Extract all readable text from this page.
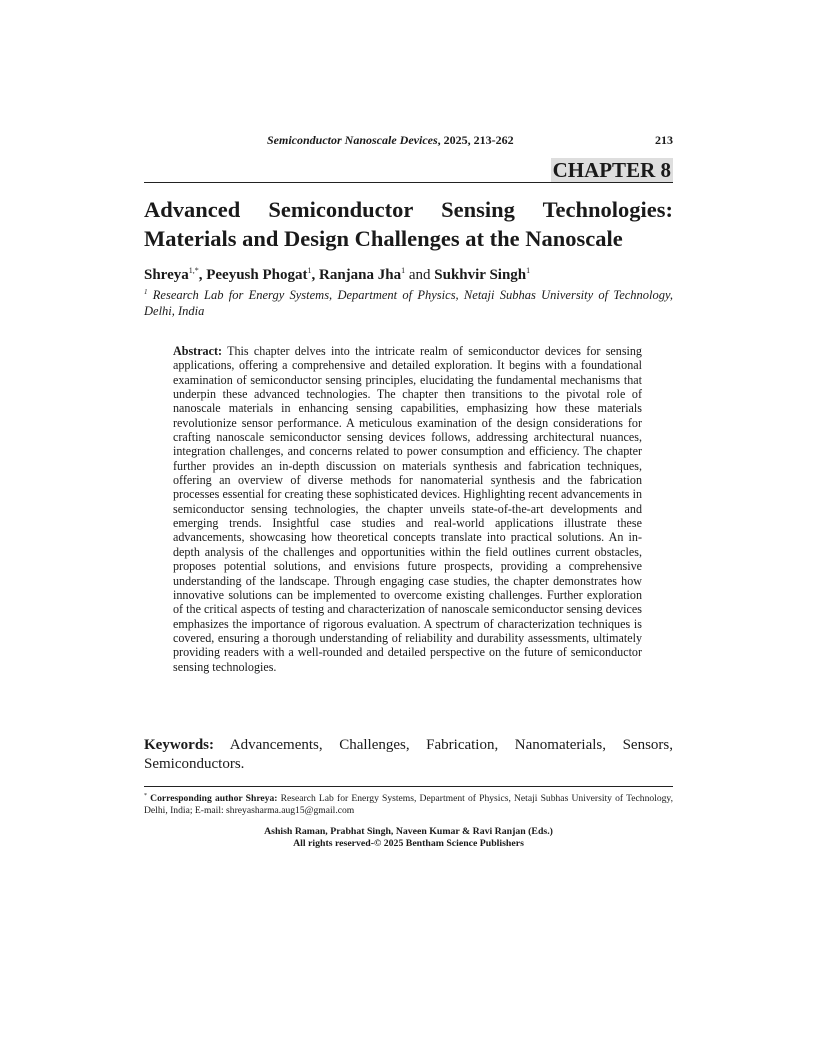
Semiconductor Nanoscale Devices, 2025, 213-262	213
CHAPTER 8
Advanced Semiconductor Sensing Technologies:
Materials and Design Challenges at the Nanoscale
Shreya$^{1,*}$, Peeyush Phogat$^1$, Ranjana Jha$^1$ and Sukhvir Singh$^1$
$^1$ Research Lab for Energy Systems, Department of Physics, Netaji Subhas University of Technology, Delhi, India

Abstract: This chapter delves into the intricate realm of semiconductor devices for sensing applications, offering a comprehensive and detailed exploration. It begins with a foundational examination of semiconductor sensing principles, elucidating the fundamental mechanisms that underpin these advanced technologies. The chapter then transitions to the pivotal role of nanoscale materials in enhancing sensing capabilities, emphasizing how these materials revolutionize sensor performance. A meticulous examination of the design considerations for crafting nanoscale semiconductor sensing devices follows, addressing architectural nuances, integration challenges, and concerns related to power consumption and efficiency. The chapter further provides an in-depth discussion on materials synthesis and fabrication techniques, offering an overview of diverse methods for nanomaterial synthesis and the fabrication processes essential for creating these sophisticated devices. Highlighting recent advancements in semiconductor sensing technologies, the chapter unveils state-of-the-art developments and emerging trends. Insightful case studies and real-world applications illustrate these advancements, showcasing how theoretical concepts translate into practical solutions. An in-depth analysis of the challenges and opportunities within the field outlines current obstacles, proposes potential solutions, and envisions future prospects, providing a comprehensive understanding of the landscape. Through engaging case studies, the chapter demonstrates how innovative solutions can be implemented to overcome existing challenges. Further exploration of the critical aspects of testing and characterization of nanoscale semiconductor sensing devices emphasizes the importance of rigorous evaluation. A spectrum of characterization techniques is covered, ensuring a thorough understanding of reliability and durability assessments, ultimately providing readers with a well-rounded and detailed perspective on the future of semiconductor sensing technologies.

Keywords: Advancements, Challenges, Fabrication, Nanomaterials, Sensors, Semiconductors.

* Corresponding author Shreya: Research Lab for Energy Systems, Department of Physics, Netaji Subhas University of Technology, Delhi, India; E-mail: shreyasharma.aug15@gmail.com

Ashish Raman, Prabhat Singh, Naveen Kumar & Ravi Ranjan (Eds.)
All rights reserved-© 2025 Bentham Science Publishers
